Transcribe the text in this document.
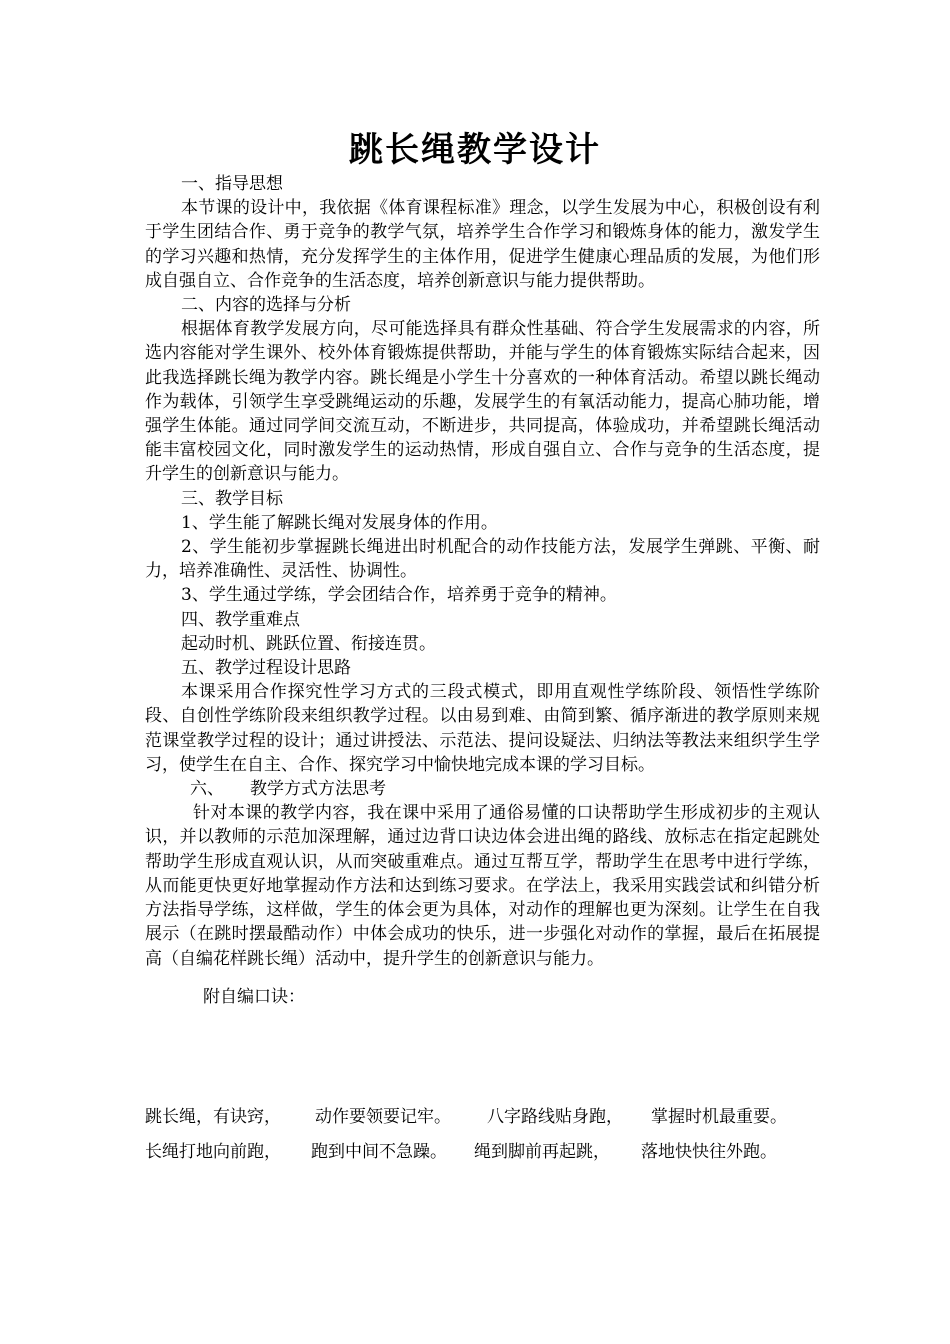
跳长绳教学设计

一、指导思想

本节课的设计中，我依据《体育课程标准》理念，以学生发展为中心，积极创设有利于学生团结合作、勇于竞争的教学气氛，培养学生合作学习和锻炼身体的能力，激发学生的学习兴趣和热情，充分发挥学生的主体作用，促进学生健康心理品质的发展，为他们形成自强自立、合作竞争的生活态度，培养创新意识与能力提供帮助。

二、内容的选择与分析

根据体育教学发展方向，尽可能选择具有群众性基础、符合学生发展需求的内容，所选内容能对学生课外、校外体育锻炼提供帮助，并能与学生的体育锻炼实际结合起来，因此我选择跳长绳为教学内容。跳长绳是小学生十分喜欢的一种体育活动。希望以跳长绳动作为载体，引领学生享受跳绳运动的乐趣，发展学生的有氧活动能力，提高心肺功能，增强学生体能。通过同学间交流互动，不断进步，共同提高，体验成功，并希望跳长绳活动能丰富校园文化，同时激发学生的运动热情，形成自强自立、合作与竞争的生活态度，提升学生的创新意识与能力。

三、教学目标

1、学生能了解跳长绳对发展身体的作用。

2、学生能初步掌握跳长绳进出时机配合的动作技能方法，发展学生弹跳、平衡、耐力，培养准确性、灵活性、协调性。

3、学生通过学练，学会团结合作，培养勇于竞争的精神。

四、教学重难点

起动时机、跳跃位置、衔接连贯。

五、教学过程设计思路

本课采用合作探究性学习方式的三段式模式，即用直观性学练阶段、领悟性学练阶段、自创性学练阶段来组织教学过程。以由易到难、由简到繁、循序渐进的教学原则来规范课堂教学过程的设计；通过讲授法、示范法、提问设疑法、归纳法等教法来组织学生学习，使学生在自主、合作、探究学习中愉快地完成本课的学习目标。

六、 教学方式方法思考

针对本课的教学内容，我在课中采用了通俗易懂的口诀帮助学生形成初步的主观认识，并以教师的示范加深理解，通过边背口诀边体会进出绳的路线、放标志在指定起跳处帮助学生形成直观认识，从而突破重难点。通过互帮互学，帮助学生在思考中进行学练，从而能更快更好地掌握动作方法和达到练习要求。在学法上，我采用实践尝试和纠错分析方法指导学练，这样做，学生的体会更为具体，对动作的理解也更为深刻。让学生在自我展示（在跳时摆最酷动作）中体会成功的快乐，进一步强化对动作的掌握，最后在拓展提高（自编花样跳长绳）活动中，提升学生的创新意识与能力。

附自编口诀：

跳长绳，有诀窍， 动作要领要记牢。 八字路线贴身跑， 掌握时机最重要。
长绳打地向前跑， 跑到中间不急躁。 绳到脚前再起跳， 落地快快往外跑。
